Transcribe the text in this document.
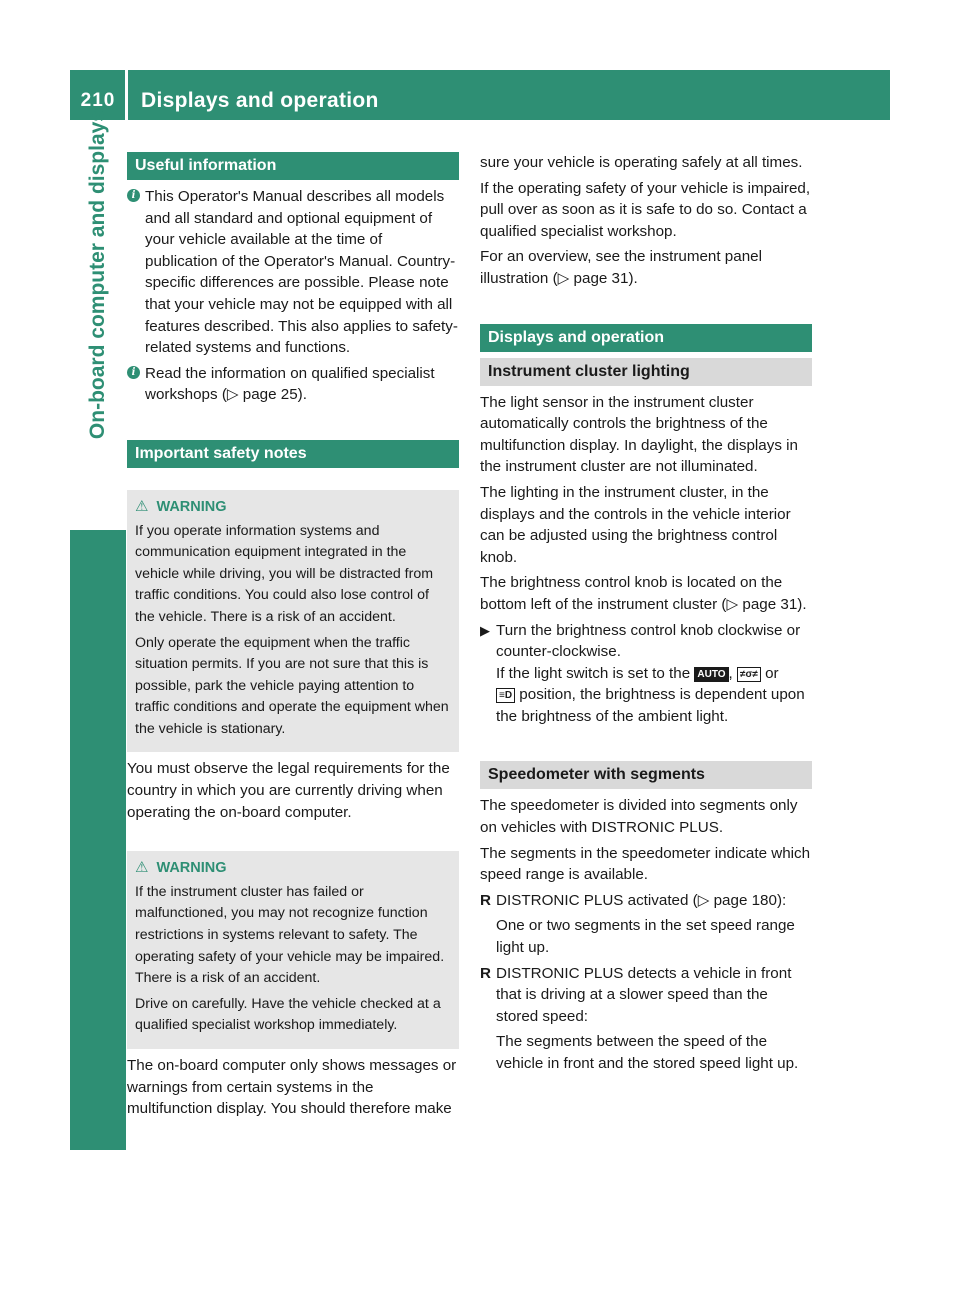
210	Displays and operation
On-board computer and displays	Useful information
i This Operator's Manual describes all models and all standard and optional equipment of your vehicle available at the time of publication of the Operator's Manual. Country-specific differences are possible. Please note that your vehicle may not be equipped with all features described. This also applies to safety-related systems and functions.
i Read the information on qualified specialist workshops (▷ page 25).
Important safety notes
⚠ WARNING

If you operate information systems and communication equipment integrated in the vehicle while driving, you will be distracted from traffic conditions. You could also lose control of the vehicle. There is a risk of an accident.

Only operate the equipment when the traffic situation permits. If you are not sure that this is possible, park the vehicle paying attention to traffic conditions and operate the equipment when the vehicle is stationary.

You must observe the legal requirements for the country in which you are currently driving when operating the on-board computer.

⚠ WARNING

If the instrument cluster has failed or malfunctioned, you may not recognize function restrictions in systems relevant to safety. The operating safety of your vehicle may be impaired. There is a risk of an accident.

Drive on carefully. Have the vehicle checked at a qualified specialist workshop immediately.

The on-board computer only shows messages or warnings from certain systems in the multifunction display. You should therefore make

sure your vehicle is operating safely at all times.

If the operating safety of your vehicle is impaired, pull over as soon as it is safe to do so. Contact a qualified specialist workshop.

For an overview, see the instrument panel illustration (▷ page 31).

Displays and operation
Instrument cluster lighting

The light sensor in the instrument cluster automatically controls the brightness of the multifunction display. In daylight, the displays in the instrument cluster are not illuminated.

The lighting in the instrument cluster, in the displays and the controls in the vehicle interior can be adjusted using the brightness control knob.

The brightness control knob is located on the bottom left of the instrument cluster (▷ page 31).

▶ Turn the brightness control knob clockwise or counter-clockwise.
If the light switch is set to the AUTO , ≠σ≠ or
≡D position, the brightness is dependent upon the brightness of the ambient light.
Speedometer with segments

The speedometer is divided into segments only on vehicles with DISTRONIC PLUS.

The segments in the speedometer indicate which speed range is available.

R DISTRONIC PLUS activated (▷ page 180):

One or two segments in the set speed range light up.

R DISTRONIC PLUS detects a vehicle in front that is driving at a slower speed than the stored speed:

The segments between the speed of the vehicle in front and the stored speed light up.
